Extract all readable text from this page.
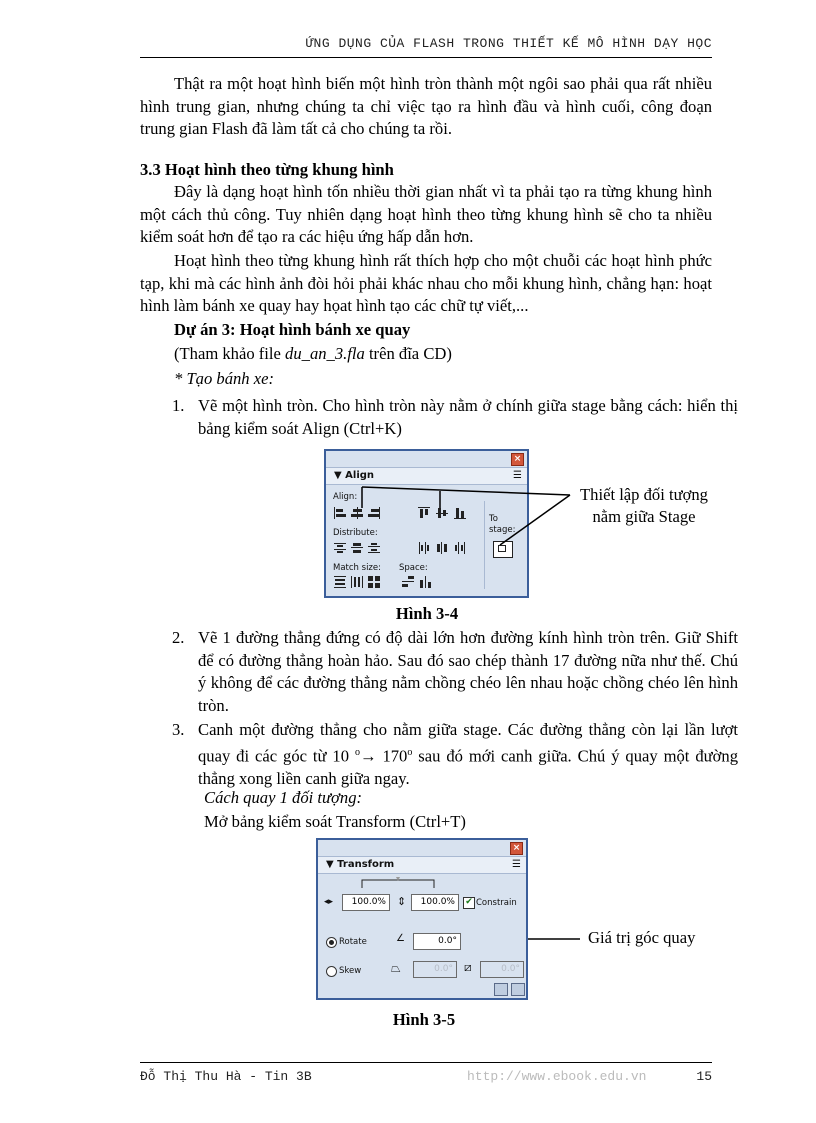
ỨNG DỤNG CỦA FLASH TRONG THIẾT KẾ MÔ HÌNH DẠY HỌC

Thật ra một hoạt hình biến một hình tròn thành một ngôi sao phải qua rất nhiều hình trung gian, nhưng chúng ta chỉ việc tạo ra hình đầu và hình cuối, công đoạn trung gian Flash đã làm tất cả cho chúng ta rồi.

3.3 Hoạt hình theo từng khung hình

Đây là dạng hoạt hình tốn nhiều thời gian nhất vì ta phải tạo ra từng khung hình một cách thủ công. Tuy nhiên dạng hoạt hình theo từng khung hình sẽ cho ta nhiều kiểm soát hơn để tạo ra các hiệu ứng hấp dẫn hơn.

Hoạt hình theo từng khung hình rất thích hợp cho một chuỗi các hoạt hình phức tạp, khi mà các hình ảnh đòi hỏi phải khác nhau cho mỗi khung hình, chẳng hạn: hoạt hình làm bánh xe quay hay họat hình tạo các chữ tự viết,...

Dự án 3: Hoạt hình bánh xe quay
(Tham khảo file du_an_3.fla trên đĩa CD)
* Tạo bánh xe:
1. Vẽ một hình tròn. Cho hình tròn này nằm ở chính giữa stage bằng cách: hiển thị bảng kiểm soát Align (Ctrl+K)
×
▼ Align	☰
Align:
Distribute:
Match size: Space:
To stage:
Thiết lập đối tượng
nằm giữa Stage
Hình 3-4
2. Vẽ 1 đường thẳng đứng có độ dài lớn hơn đường kính hình tròn trên. Giữ Shift để có đường thẳng hoàn hảo. Sau đó sao chép thành 17 đường nữa như thế. Chú ý không để các đường thẳng nằm chồng chéo lên nhau hoặc chồng chéo lên hình tròn.
3. Canh một đường thẳng cho nằm giữa stage. Các đường thẳng còn lại lần lượt quay đi các góc từ 10 $^o\to 170^o$ sau đó mới canh giữa. Chú ý quay một đường thẳng xong liền canh giữa ngay.
Cách quay 1 đối tượng:
Mở bảng kiểm soát Transform (Ctrl+T)
×
▼ Transform	☰
◂▸	100.0%	⇕	100.0%	✔ Constrain
Rotate	∠	0.0°
Skew ⏢	0.0° ⧄	0.0°
Giá trị góc quay
Hình 3-5
Đỗ Thị Thu Hà - Tin 3B	http://www.ebook.edu.vn	15
